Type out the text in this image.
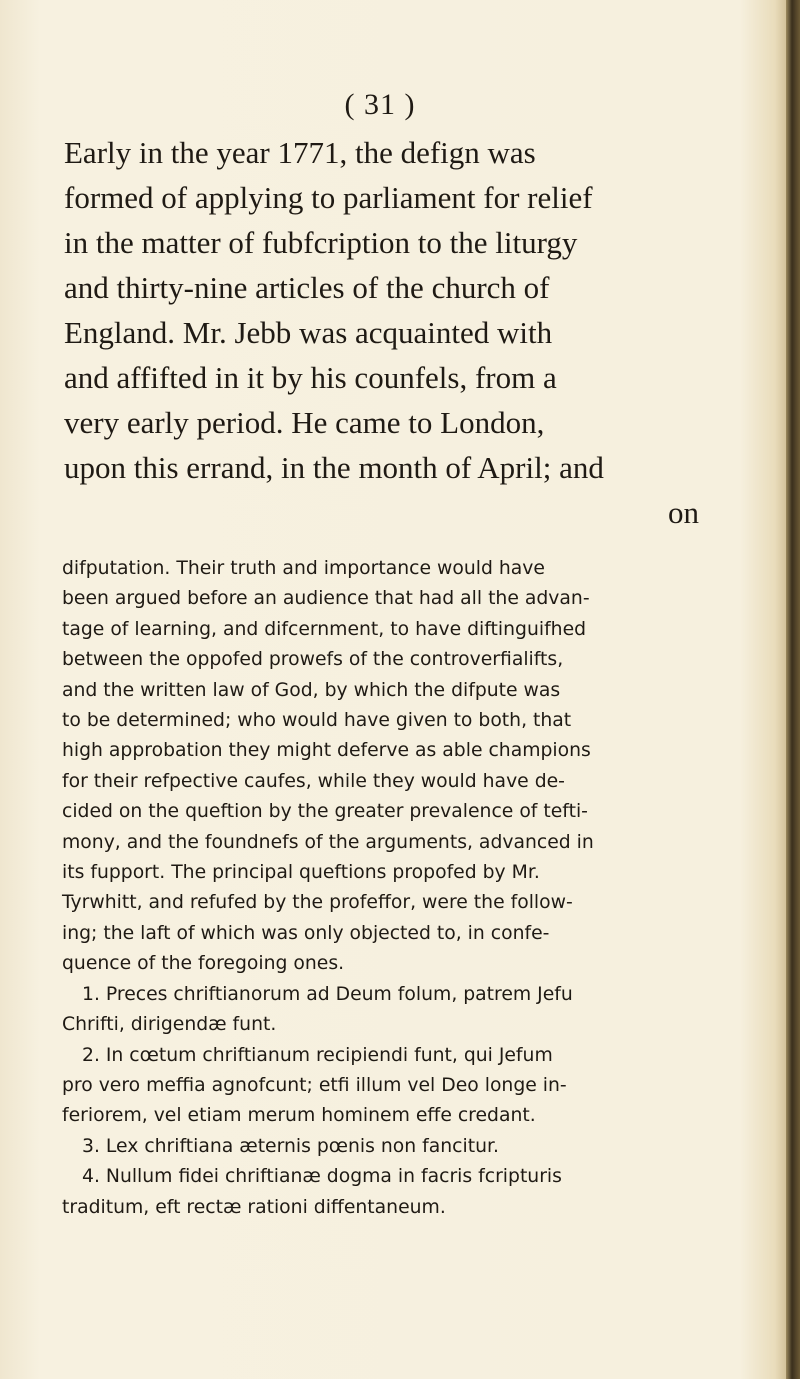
( 31 )
Early in the year 1771, the defign was
formed of applying to parliament for relief
in the matter of fubfcription to the liturgy
and thirty-nine articles of the church of
England. Mr. Jebb was acquainted with
and affifted in it by his counfels, from a
very early period. He came to London,
upon this errand, in the month of April; and
on
difputation. Their truth and importance would have
been argued before an audience that had all the advan-
tage of learning, and difcernment, to have diftinguifhed
between the oppofed prowefs of the controverfialifts,
and the written law of God, by which the difpute was
to be determined; who would have given to both, that
high approbation they might deferve as able champions
for their refpective caufes, while they would have de-
cided on the queftion by the greater prevalence of tefti-
mony, and the foundnefs of the arguments, advanced in
its fupport. The principal queftions propofed by Mr.
Tyrwhitt, and refufed by the profeffor, were the follow-
ing; the laft of which was only objected to, in confe-
quence of the foregoing ones.
1. Preces chriftianorum ad Deum folum, patrem Jefu
Chrifti, dirigendæ funt.
2. In cœtum chriftianum recipiendi funt, qui Jefum
pro vero meffia agnofcunt; etfi illum vel Deo longe in-
feriorem, vel etiam merum hominem effe credant.
3. Lex chriftiana æternis pœnis non fancitur.
4. Nullum fidei chriftianæ dogma in facris fcripturis
traditum, eft rectæ rationi diffentaneum.
